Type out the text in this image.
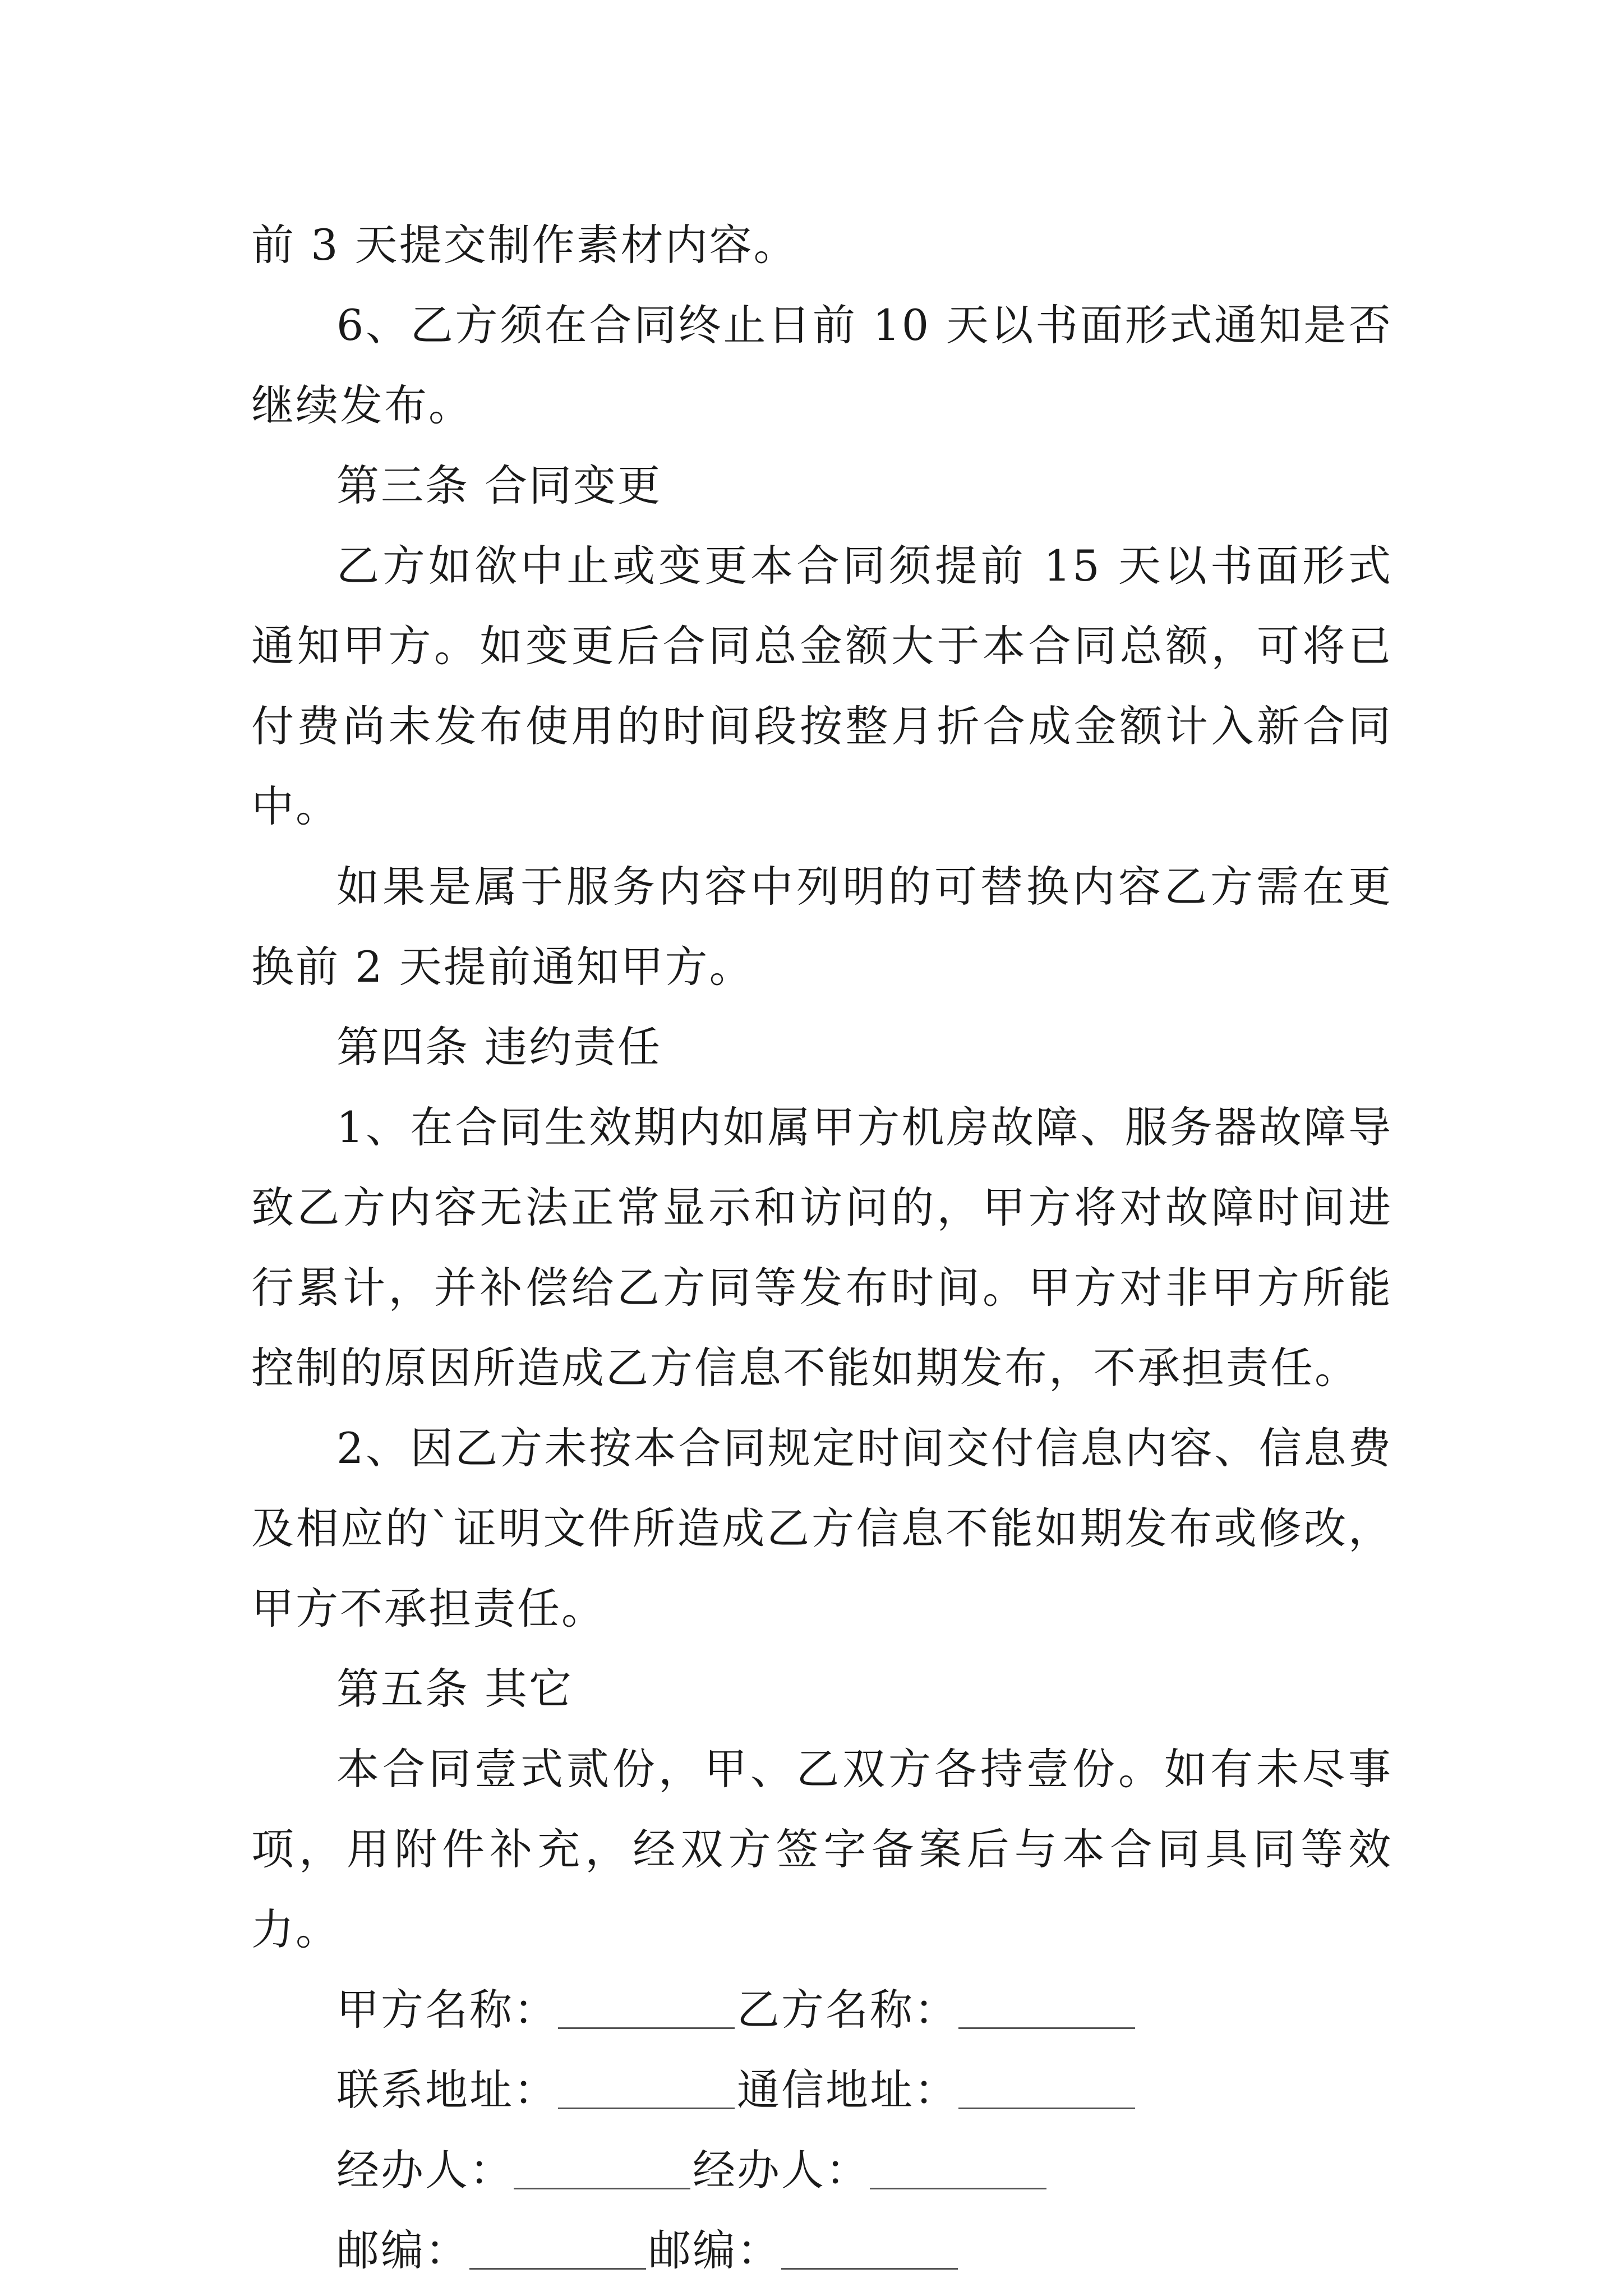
前 3 天提交制作素材内容。

6、乙方须在合同终止日前 10 天以书面形式通知是否继续发布。

第三条 合同变更

乙方如欲中止或变更本合同须提前 15 天以书面形式通知甲方。如变更后合同总金额大于本合同总额，可将已付费尚未发布使用的时间段按整月折合成金额计入新合同中。

如果是属于服务内容中列明的可替换内容乙方需在更换前 2 天提前通知甲方。

第四条 违约责任

1、在合同生效期内如属甲方机房故障、服务器故障导致乙方内容无法正常显示和访问的，甲方将对故障时间进行累计，并补偿给乙方同等发布时间。甲方对非甲方所能控制的原因所造成乙方信息不能如期发布，不承担责任。

2、因乙方未按本合同规定时间交付信息内容、信息费及相应的`证明文件所造成乙方信息不能如期发布或修改，甲方不承担责任。

第五条 其它

本合同壹式贰份，甲、乙双方各持壹份。如有未尽事项，用附件补充，经双方签字备案后与本合同具同等效力。

甲方名称：	乙方名称：
联系地址：	通信地址：
经办人：	经办人：
邮编：	邮编：
